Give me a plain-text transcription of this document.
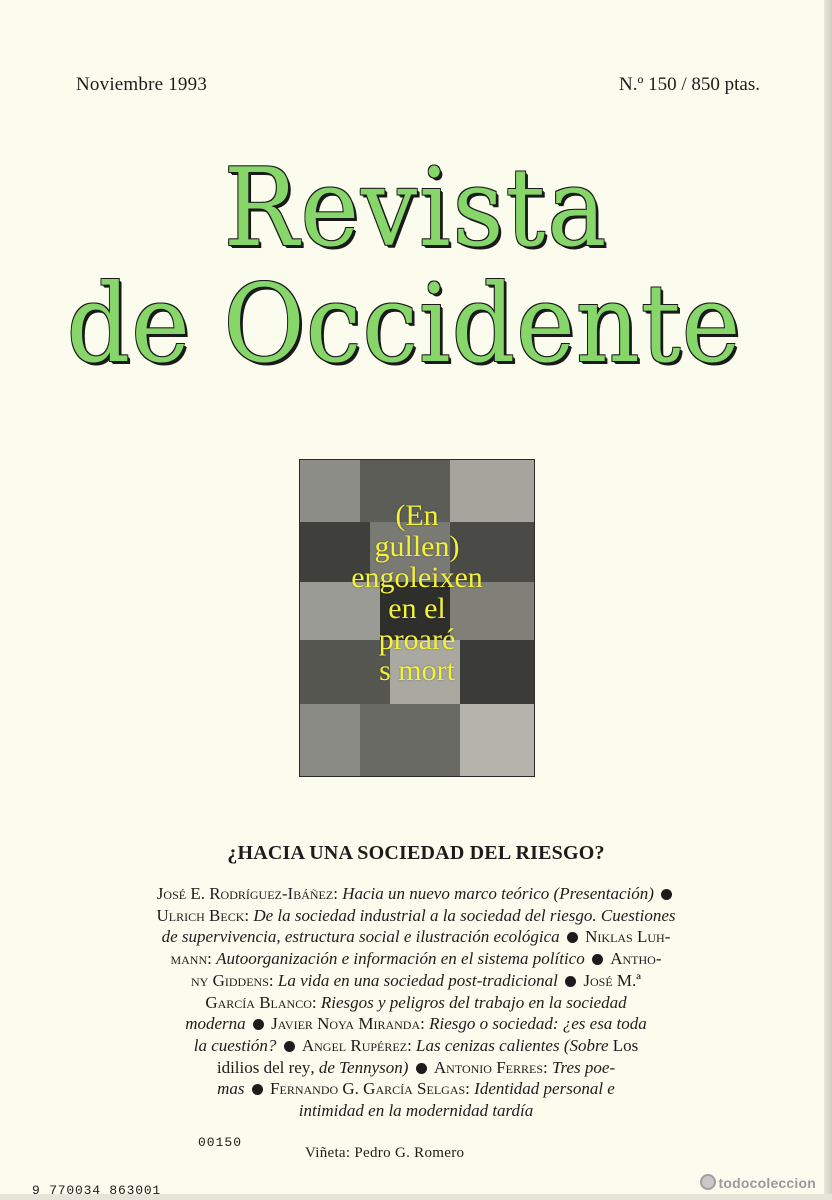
Noviembre 1993	N.º 150 / 850 ptas.
Revista
de Occidente
(En
gullen)
engoleixen
en el
proaré
s mort
¿HACIA UNA SOCIEDAD DEL RIESGO?
José E. Rodríguez-Ibáñez: Hacia un nuevo marco teórico (Presentación)
Ulrich Beck: De la sociedad industrial a la sociedad del riesgo. Cuestiones
de supervivencia, estructura social e ilustración ecológica Niklas Luh-
mann: Autoorganización e información en el sistema político Antho-
ny Giddens: La vida en una sociedad post-tradicional José M.ª
García Blanco: Riesgos y peligros del trabajo en la sociedad
moderna Javier Noya Miranda: Riesgo o sociedad: ¿es esa toda
la cuestión? Angel Rupérez: Las cenizas calientes (Sobre Los
idilios del rey, de Tennyson) Antonio Ferres: Tres poe-
mas Fernando G. García Selgas: Identidad personal e
intimidad en la modernidad tardía
00150
9 770034 863001
Viñeta: Pedro G. Romero
todocoleccion
